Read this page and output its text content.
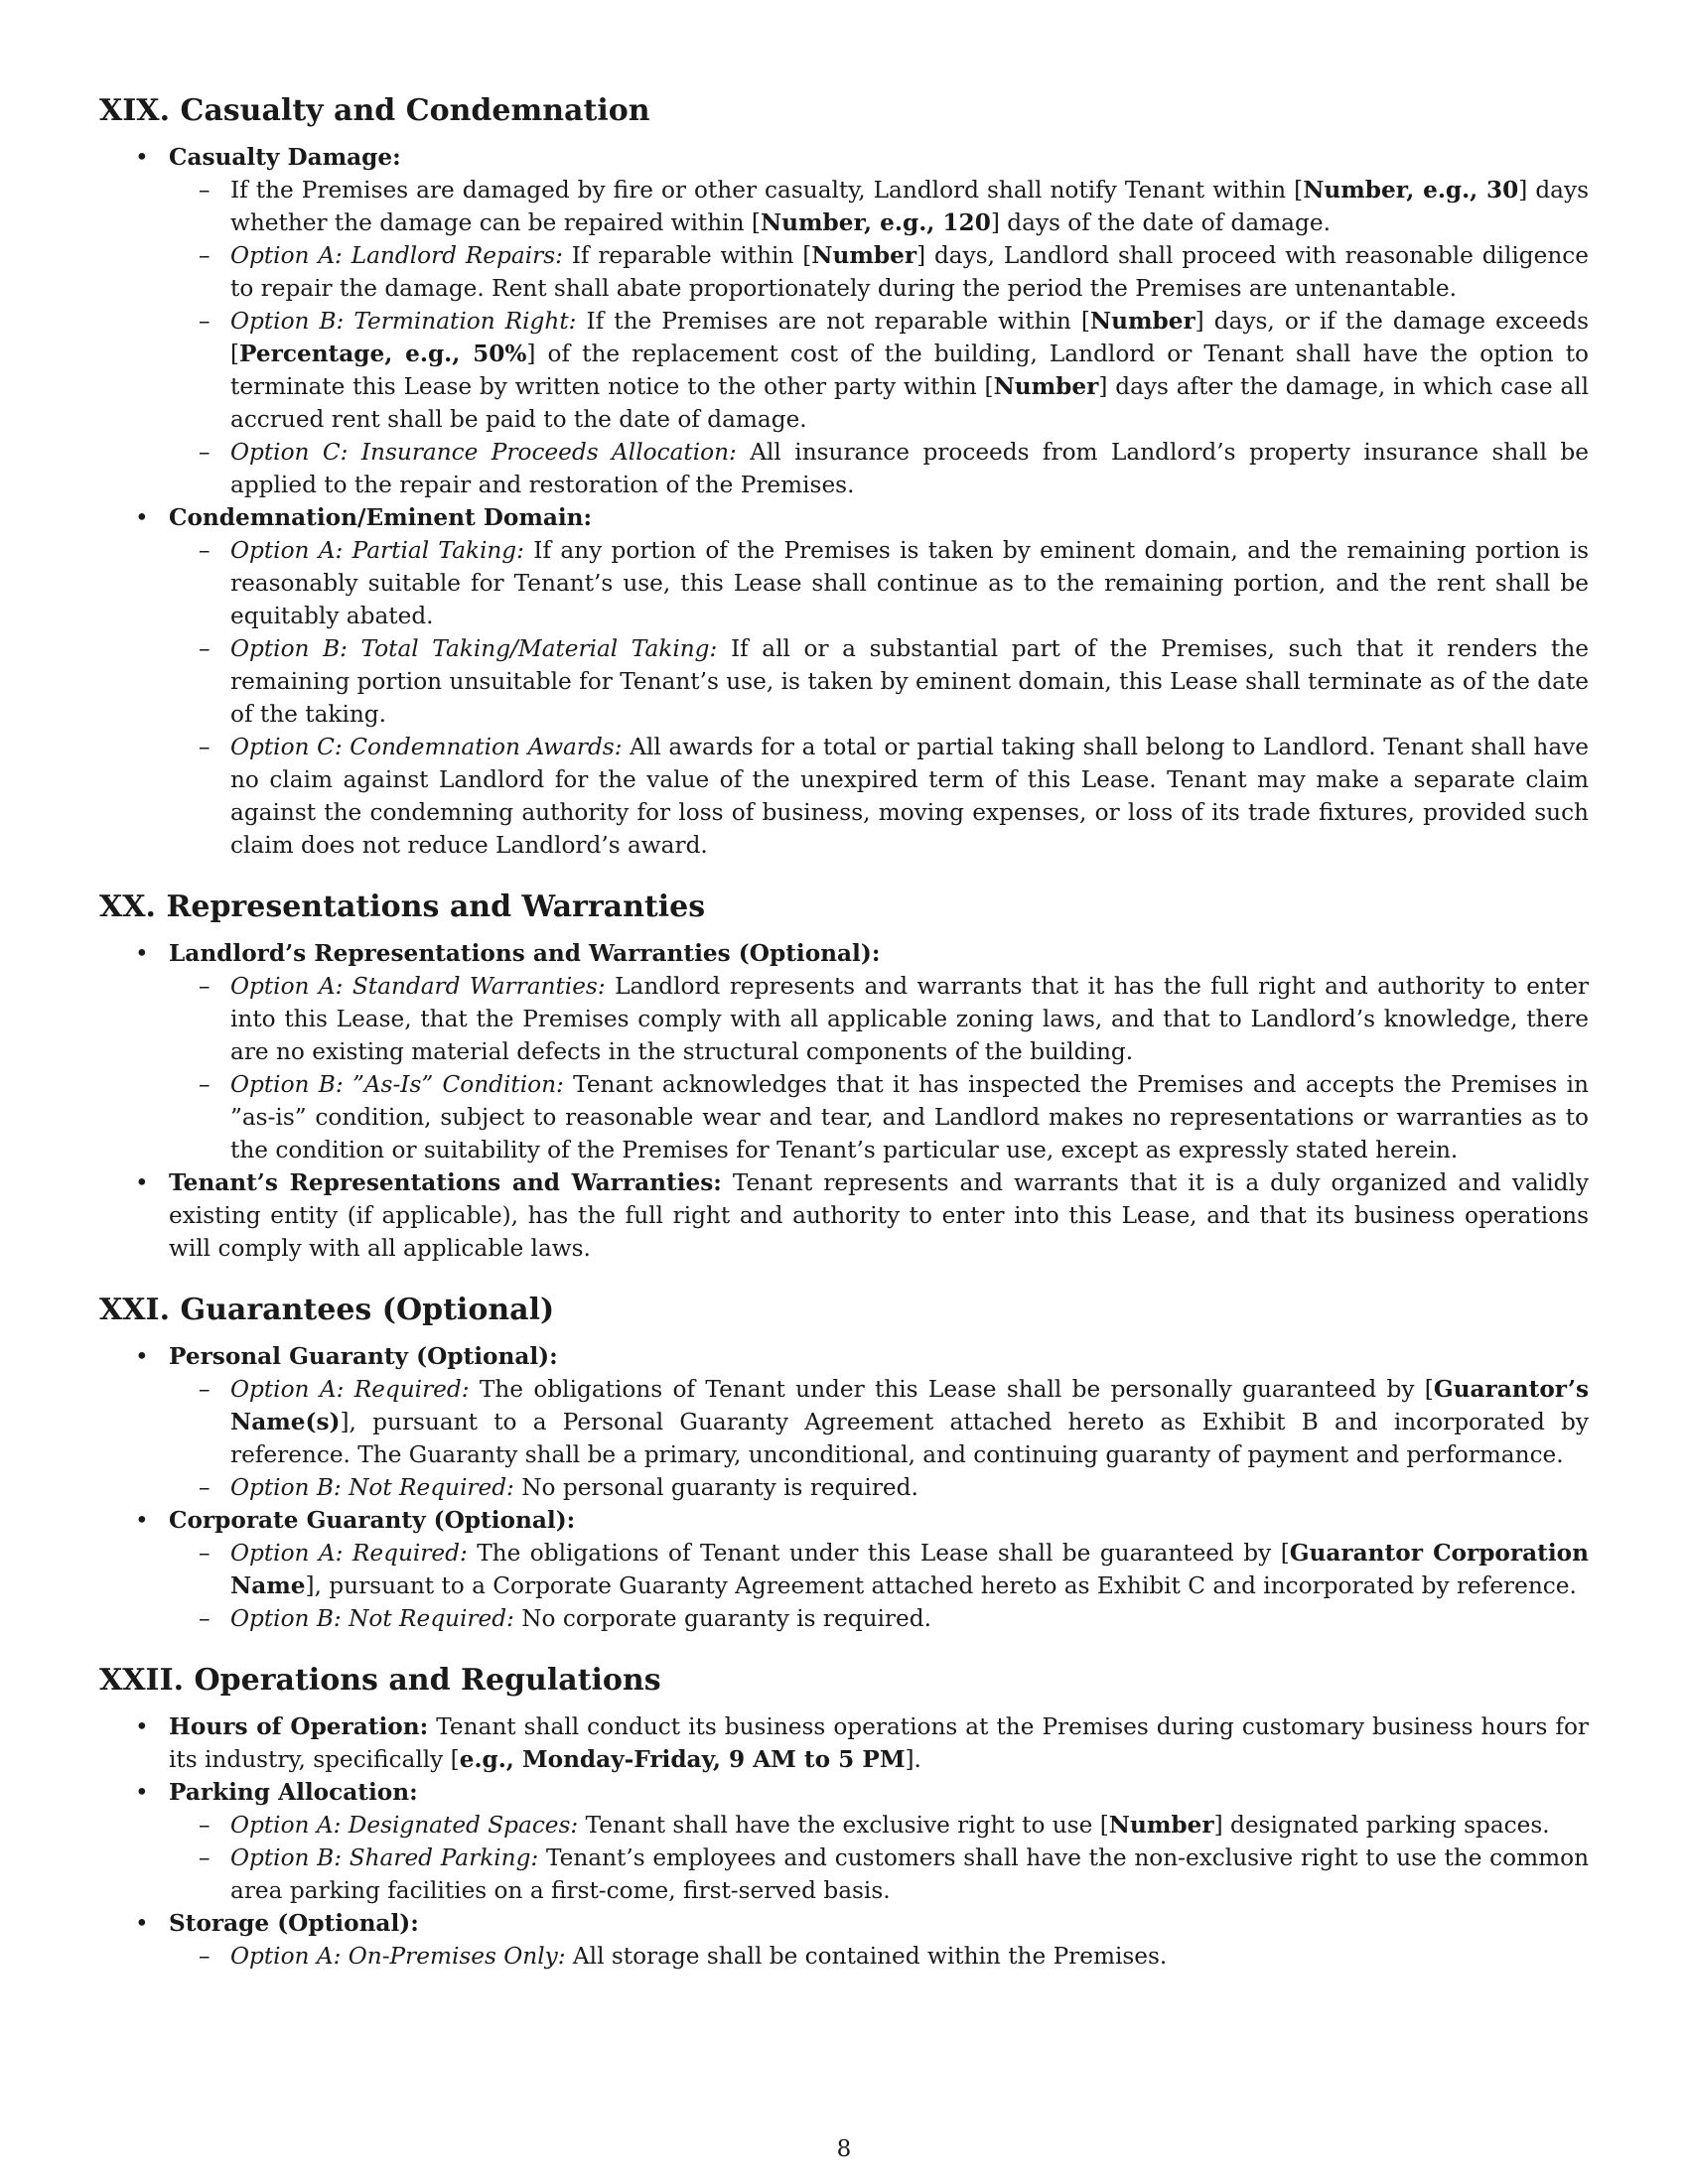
XIX. Casualty and Condemnation
• Casualty Damage:
– If the Premises are damaged by fire or other casualty, Landlord shall notify Tenant within [Number, e.g., 30] days whether the damage can be repaired within [Number, e.g., 120] days of the date of damage.
– Option A: Landlord Repairs: If reparable within [Number] days, Landlord shall proceed with reasonable diligence to repair the damage. Rent shall abate proportionately during the period the Premises are untenantable.
– Option B: Termination Right: If the Premises are not reparable within [Number] days, or if the damage exceeds [Percentage, e.g., 50%] of the replacement cost of the building, Landlord or Tenant shall have the option to terminate this Lease by written notice to the other party within [Number] days after the damage, in which case all accrued rent shall be paid to the date of damage.
– Option C: Insurance Proceeds Allocation: All insurance proceeds from Landlord’s property insurance shall be applied to the repair and restoration of the Premises.
• Condemnation/Eminent Domain:
– Option A: Partial Taking: If any portion of the Premises is taken by eminent domain, and the remaining portion is reasonably suitable for Tenant’s use, this Lease shall continue as to the remaining portion, and the rent shall be equitably abated.
– Option B: Total Taking/Material Taking: If all or a substantial part of the Premises, such that it renders the remaining portion unsuitable for Tenant’s use, is taken by eminent domain, this Lease shall terminate as of the date of the taking.
– Option C: Condemnation Awards: All awards for a total or partial taking shall belong to Landlord. Tenant shall have no claim against Landlord for the value of the unexpired term of this Lease. Tenant may make a separate claim against the condemning authority for loss of business, moving expenses, or loss of its trade fixtures, provided such claim does not reduce Landlord’s award.
XX. Representations and Warranties
• Landlord’s Representations and Warranties (Optional):
– Option A: Standard Warranties: Landlord represents and warrants that it has the full right and authority to enter into this Lease, that the Premises comply with all applicable zoning laws, and that to Landlord’s knowledge, there are no existing material defects in the structural components of the building.
– Option B: ”As-Is” Condition: Tenant acknowledges that it has inspected the Premises and accepts the Premises in ”as-is” condition, subject to reasonable wear and tear, and Landlord makes no representations or warranties as to the condition or suitability of the Premises for Tenant’s particular use, except as expressly stated herein.
• Tenant’s Representations and Warranties: Tenant represents and warrants that it is a duly organized and validly existing entity (if applicable), has the full right and authority to enter into this Lease, and that its business operations will comply with all applicable laws.
XXI. Guarantees (Optional)
• Personal Guaranty (Optional):
– Option A: Required: The obligations of Tenant under this Lease shall be personally guaranteed by [Guarantor’s Name(s)], pursuant to a Personal Guaranty Agreement attached hereto as Exhibit B and incorporated by reference. The Guaranty shall be a primary, unconditional, and continuing guaranty of payment and performance.
– Option B: Not Required: No personal guaranty is required.
• Corporate Guaranty (Optional):
– Option A: Required: The obligations of Tenant under this Lease shall be guaranteed by [Guarantor Corporation Name], pursuant to a Corporate Guaranty Agreement attached hereto as Exhibit C and incorporated by reference.
– Option B: Not Required: No corporate guaranty is required.
XXII. Operations and Regulations
• Hours of Operation: Tenant shall conduct its business operations at the Premises during customary business hours for its industry, specifically [e.g., Monday-Friday, 9 AM to 5 PM].
• Parking Allocation:
– Option A: Designated Spaces: Tenant shall have the exclusive right to use [Number] designated parking spaces.
– Option B: Shared Parking: Tenant’s employees and customers shall have the non-exclusive right to use the common area parking facilities on a first-come, first-served basis.
• Storage (Optional):
– Option A: On-Premises Only: All storage shall be contained within the Premises.
8
